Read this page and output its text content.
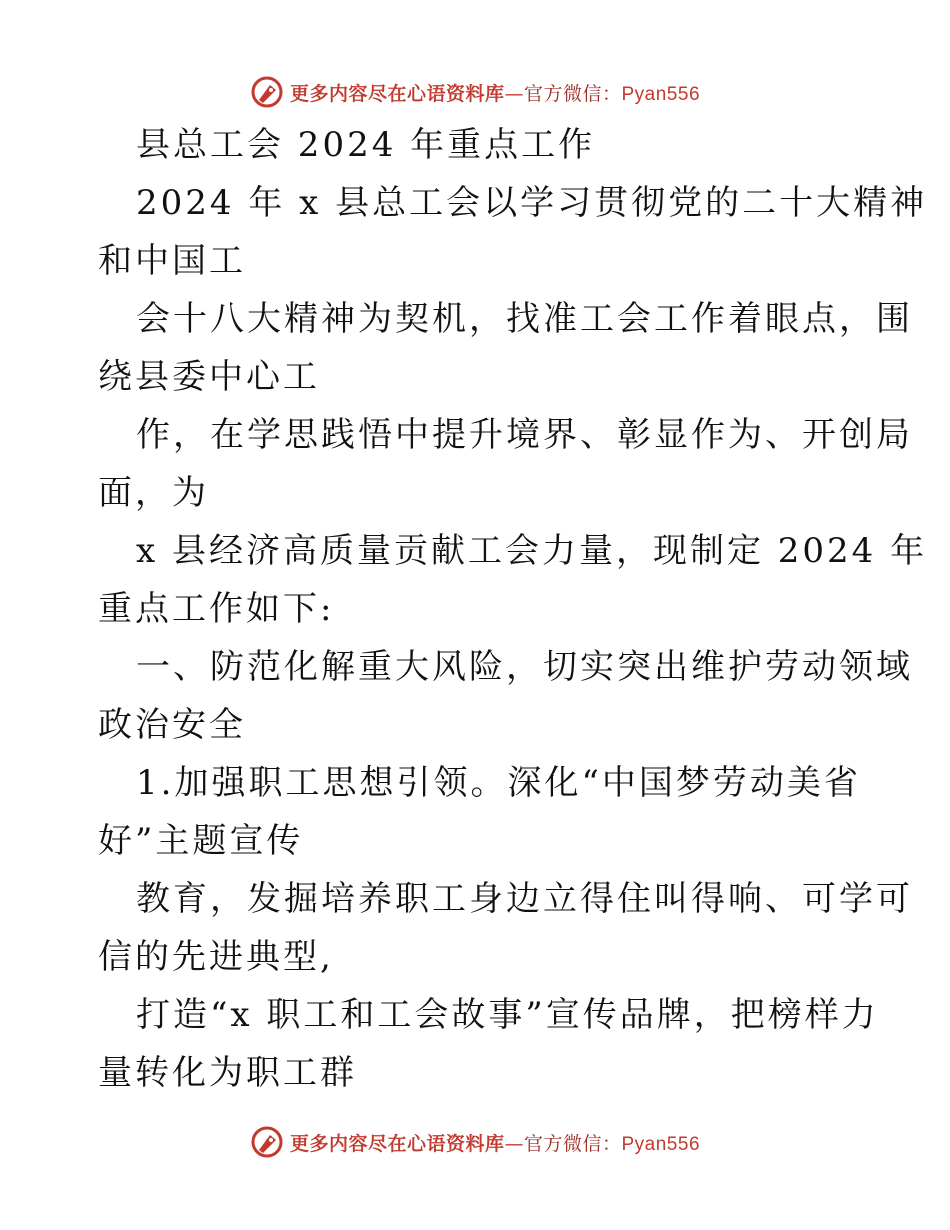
更多内容尽在心语资料库—官方微信：Pyan556
县总工会 2024 年重点工作
2024 年 x 县总工会以学习贯彻党的二十大精神
和中国工
会十八大精神为契机，找准工会工作着眼点，围
绕县委中心工
作，在学思践悟中提升境界、彰显作为、开创局
面，为
x 县经济高质量贡献工会力量，现制定 2024 年
重点工作如下:
一、防范化解重大风险，切实突出维护劳动领域
政治安全
1.加强职工思想引领。深化“中国梦劳动美省
好”主题宣传
教育，发掘培养职工身边立得住叫得响、可学可
信的先进典型,
打造“x 职工和工会故事”宣传品牌，把榜样力
量转化为职工群
更多内容尽在心语资料库—官方微信：Pyan556
